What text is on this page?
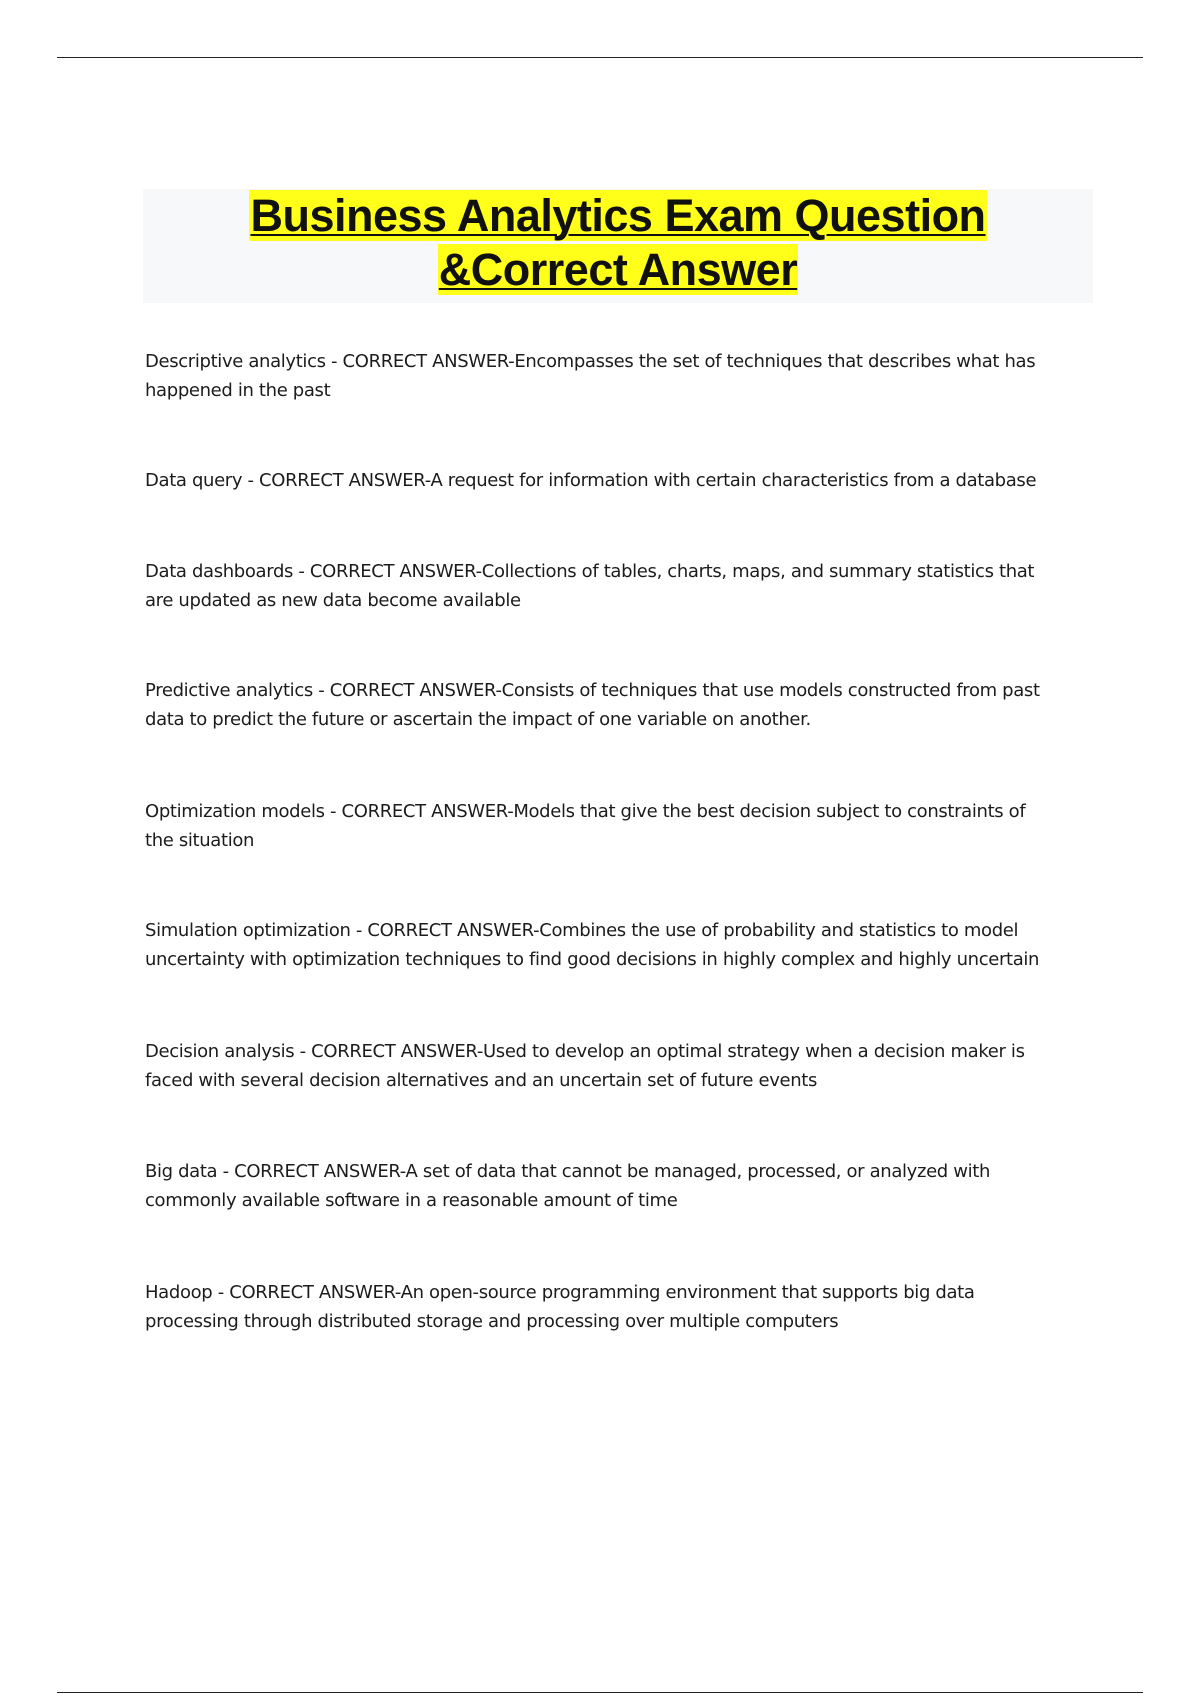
Business Analytics Exam Question
&Correct Answer
Descriptive analytics - CORRECT ANSWER-Encompasses the set of techniques that describes what has
happened in the past
Data query - CORRECT ANSWER-A request for information with certain characteristics from a database
Data dashboards - CORRECT ANSWER-Collections of tables, charts, maps, and summary statistics that
are updated as new data become available
Predictive analytics - CORRECT ANSWER-Consists of techniques that use models constructed from past
data to predict the future or ascertain the impact of one variable on another.
Optimization models - CORRECT ANSWER-Models that give the best decision subject to constraints of
the situation
Simulation optimization - CORRECT ANSWER-Combines the use of probability and statistics to model
uncertainty with optimization techniques to find good decisions in highly complex and highly uncertain
Decision analysis - CORRECT ANSWER-Used to develop an optimal strategy when a decision maker is
faced with several decision alternatives and an uncertain set of future events
Big data - CORRECT ANSWER-A set of data that cannot be managed, processed, or analyzed with
commonly available software in a reasonable amount of time
Hadoop - CORRECT ANSWER-An open-source programming environment that supports big data
processing through distributed storage and processing over multiple computers
